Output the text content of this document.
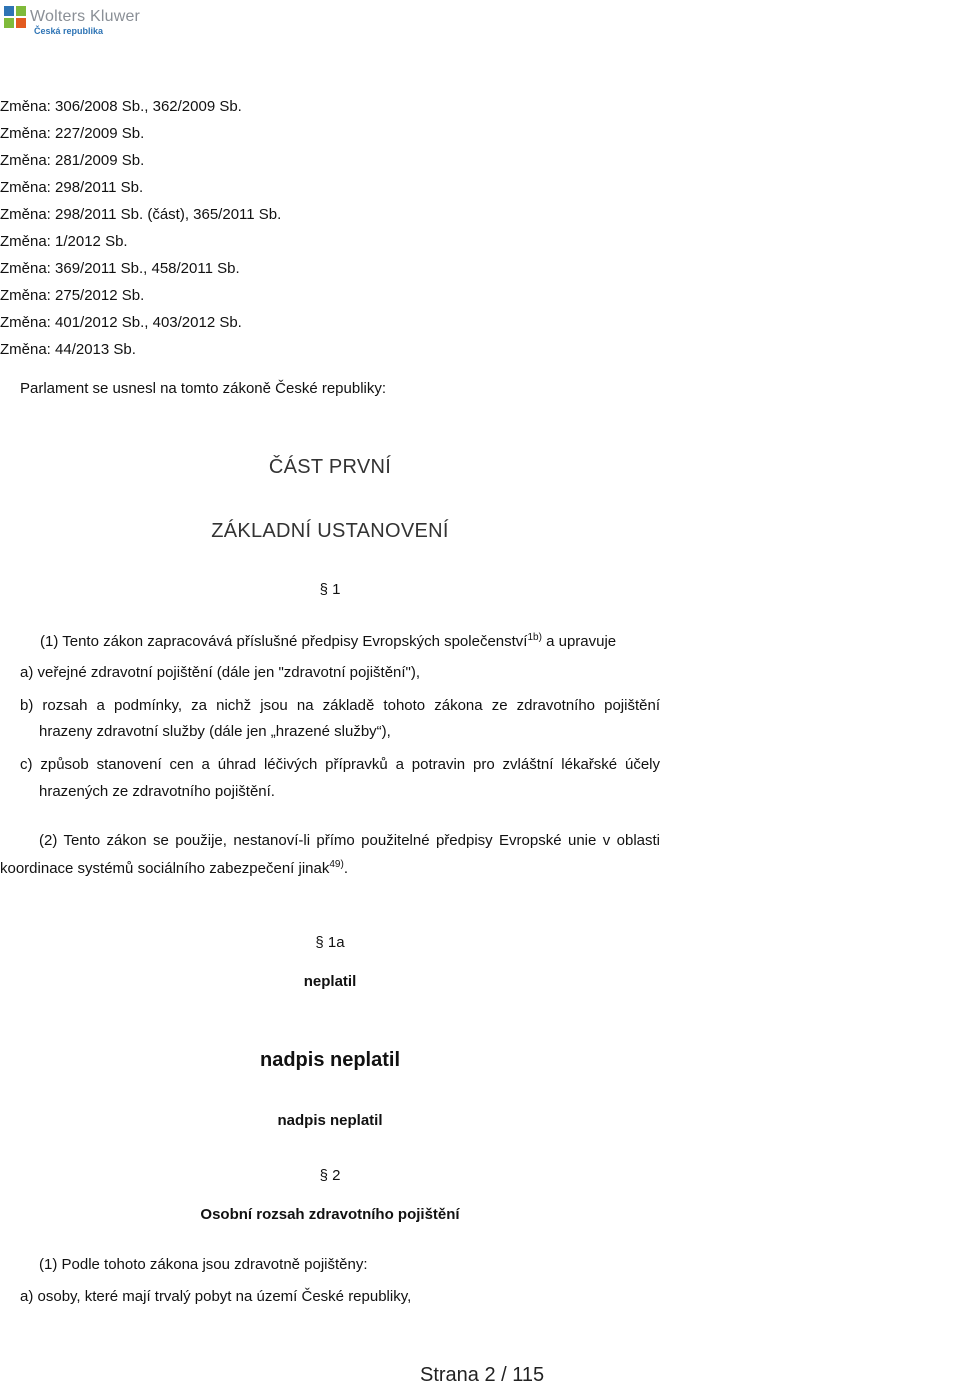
Wolters Kluwer
Česká republika
Změna: 306/2008 Sb., 362/2009 Sb.
Změna: 227/2009 Sb.
Změna: 281/2009 Sb.
Změna: 298/2011 Sb.
Změna: 298/2011 Sb. (část), 365/2011 Sb.
Změna: 1/2012 Sb.
Změna: 369/2011 Sb., 458/2011 Sb.
Změna: 275/2012 Sb.
Změna: 401/2012 Sb., 403/2012 Sb.
Změna: 44/2013 Sb.
Parlament se usnesl na tomto zákoně České republiky:
ČÁST PRVNÍ
ZÁKLADNÍ USTANOVENÍ
§ 1
(1) Tento zákon zapracovává příslušné předpisy Evropských společenství$^{1b)}$ a upravuje
a) veřejné zdravotní pojištění (dále jen "zdravotní pojištění"),
b) rozsah a podmínky, za nichž jsou na základě tohoto zákona ze zdravotního pojištění
hrazeny zdravotní služby (dále jen „hrazené služby“),
c) způsob stanovení cen a úhrad léčivých přípravků a potravin pro zvláštní lékařské účely
hrazených ze zdravotního pojištění.
(2) Tento zákon se použije, nestanoví-li přímo použitelné předpisy Evropské unie v oblasti
koordinace systémů sociálního zabezpečení jinak$^{49)}$.
§ 1a
neplatil
nadpis neplatil
nadpis neplatil
§ 2
Osobní rozsah zdravotního pojištění
(1) Podle tohoto zákona jsou zdravotně pojištěny:
a) osoby, které mají trvalý pobyt na území České republiky,
Strana 2 / 115
